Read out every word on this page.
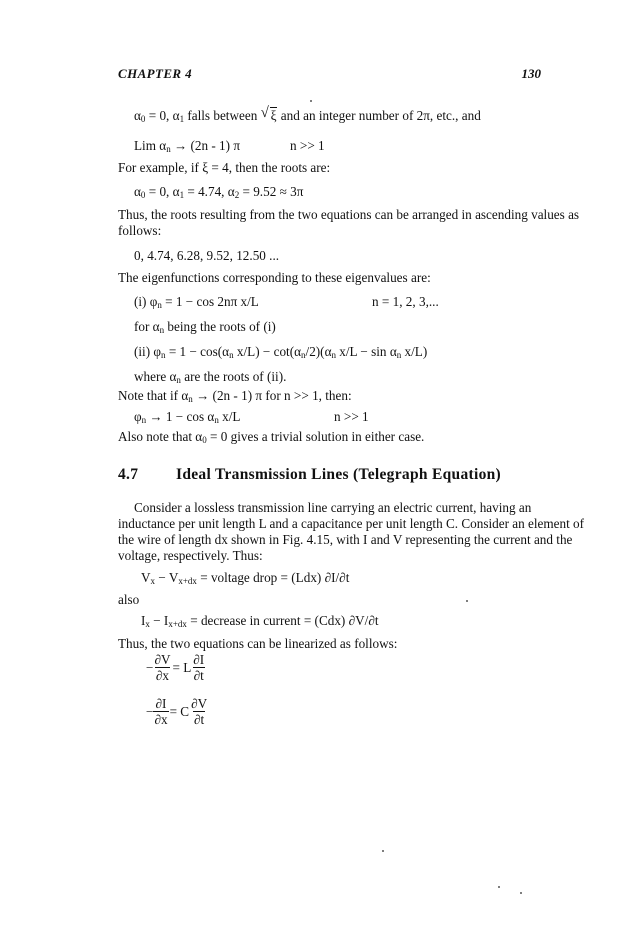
CHAPTER 4	130
$\alpha_0 = 0$, $\alpha_1$ falls between √ ξ and an integer number of 2π, etc., and
Lim $\alpha_n \to (2n - 1)$ π	n >> 1
For example, if ξ = 4, then the roots are:
$\alpha_0 = 0$, $\alpha_1 = 4.74$, $\alpha_2 = 9.52 \approx 3\pi$
Thus, the roots resulting from the two equations can be arranged in ascending values as
follows:
0, 4.74, 6.28, 9.52, 12.50 ...
The eigenfunctions corresponding to these eigenvalues are:
(i) $\varphi_n = 1 - \cos 2n\pi$ x/L	n = 1, 2, 3,...
for $\alpha_n$ being the roots of (i)
(ii) $\varphi_n = 1 - \cos(\alpha_n$ $x/L) - \cot(\alpha_n/2)(\alpha_n$ $x/L - \sin \alpha_n$ x/L)
where $\alpha_n$ are the roots of (ii).
Note that if $\alpha_n \to (2n - 1)$ π for n >> 1, then:
$\varphi_n \to 1 - \cos \alpha_n$ x/L	n >> 1
Also note that $\alpha_0 = 0$ gives a trivial solution in either case.
4.7 Ideal Transmission Lines (Telegraph Equation)
Consider a lossless transmission line carrying an electric current, having an
inductance per unit length L and a capacitance per unit length C. Consider an element of
the wire of length dx shown in Fig. 4.15, with I and V representing the current and the
voltage, respectively. Thus:
$V_x - V_{x+dx}$ = voltage drop = (Ldx) ∂I/∂t
also
$I_x - I_{x+dx}$ = decrease in current = (Cdx) ∂V/∂t
Thus, the two equations can be linearized as follows:
− $\frac{\partial V}{\partial x} = L \frac{\partial I}{\partial t}$
− $\frac{\partial I}{\partial x} = C \frac{\partial V}{\partial t}$
